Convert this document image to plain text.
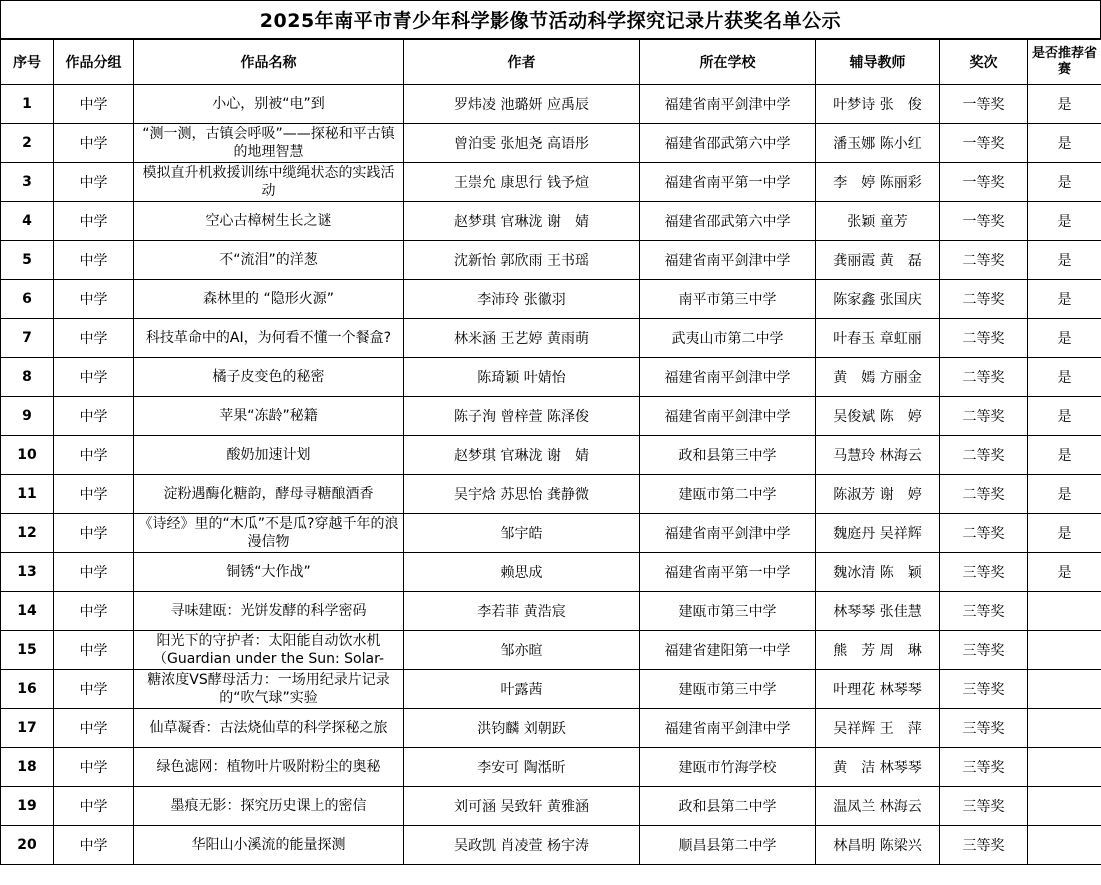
2025年南平市青少年科学影像节活动科学探究记录片获奖名单公示
序号	作品分组	作品名称	作者	所在学校	辅导教师	奖次	是否推荐省赛
1	中学	小心，别被“电”到	罗炜凌 池璐妍 应禹辰	福建省南平剑津中学	叶梦诗 张　俊	一等奖	是
2	中学	“测一测，古镇会呼吸”——探秘和平古镇的地理智慧	曾泊雯 张旭尧 高语彤	福建省邵武第六中学	潘玉娜 陈小红	一等奖	是
3	中学	模拟直升机救援训练中缆绳状态的实践活动	王崇允 康思行 钱予煊	福建省南平第一中学	李　婷 陈丽彩	一等奖	是
4	中学	空心古樟树生长之谜	赵梦琪 官琳泷 谢　婧	福建省邵武第六中学	张颖 童芳	一等奖	是
5	中学	不“流泪”的洋葱	沈新怡 郭欣雨 王书瑶	福建省南平剑津中学	龚丽霞 黄　磊	二等奖	是
6	中学	森林里的 “隐形火源”	李沛玲 张徽羽	南平市第三中学	陈家鑫 张国庆	二等奖	是
7	中学	科技革命中的AI，为何看不懂一个餐盒?	林米涵 王艺婷 黄雨萌	武夷山市第二中学	叶春玉 章虹丽	二等奖	是
8	中学	橘子皮变色的秘密	陈琦颖 叶婧怡	福建省南平剑津中学	黄　嫣 方丽金	二等奖	是
9	中学	苹果“冻龄”秘籍	陈子洵 曾梓萱 陈泽俊	福建省南平剑津中学	吴俊斌 陈　婷	二等奖	是
10	中学	酸奶加速计划	赵梦琪 官琳泷 谢　婧	政和县第三中学	马慧玲 林海云	二等奖	是
11	中学	淀粉遇酶化糖韵，酵母寻糖酿酒香	吴宇焓 苏思怡 龚静微	建瓯市第二中学	陈淑芳 谢　婷	二等奖	是
12	中学	《诗经》里的“木瓜”不是瓜?穿越千年的浪漫信物	邹宇皓	福建省南平剑津中学	魏庭丹 吴祥辉	二等奖	是
13	中学	铜锈“大作战”	赖思成	福建省南平第一中学	魏冰清 陈　颖	三等奖	是
14	中学	寻味建瓯：光饼发酵的科学密码	李若菲 黄浩宸	建瓯市第三中学	林琴琴 张佳慧	三等奖	
15	中学	阳光下的守护者：太阳能自动饮水机（Guardian under the Sun: Solar-	邹亦暄	福建省建阳第一中学	熊　芳 周　琳	三等奖	
16	中学	糖浓度VS酵母活力：一场用纪录片记录的“吹气球”实验	叶露茜	建瓯市第三中学	叶理花 林琴琴	三等奖	
17	中学	仙草凝香：古法烧仙草的科学探秘之旅	洪钧麟 刘朝跃	福建省南平剑津中学	吴祥辉 王　萍	三等奖	
18	中学	绿色滤网：植物叶片吸附粉尘的奥秘	李安可 陶湉昕	建瓯市竹海学校	黄　洁 林琴琴	三等奖	
19	中学	墨痕无影：探究历史课上的密信	刘可涵 吴致轩 黄雅涵	政和县第二中学	温凤兰 林海云	三等奖	
20	中学	华阳山小溪流的能量探测	吴政凯 肖凌萱 杨宇涛	顺昌县第二中学	林昌明 陈梁兴	三等奖	
